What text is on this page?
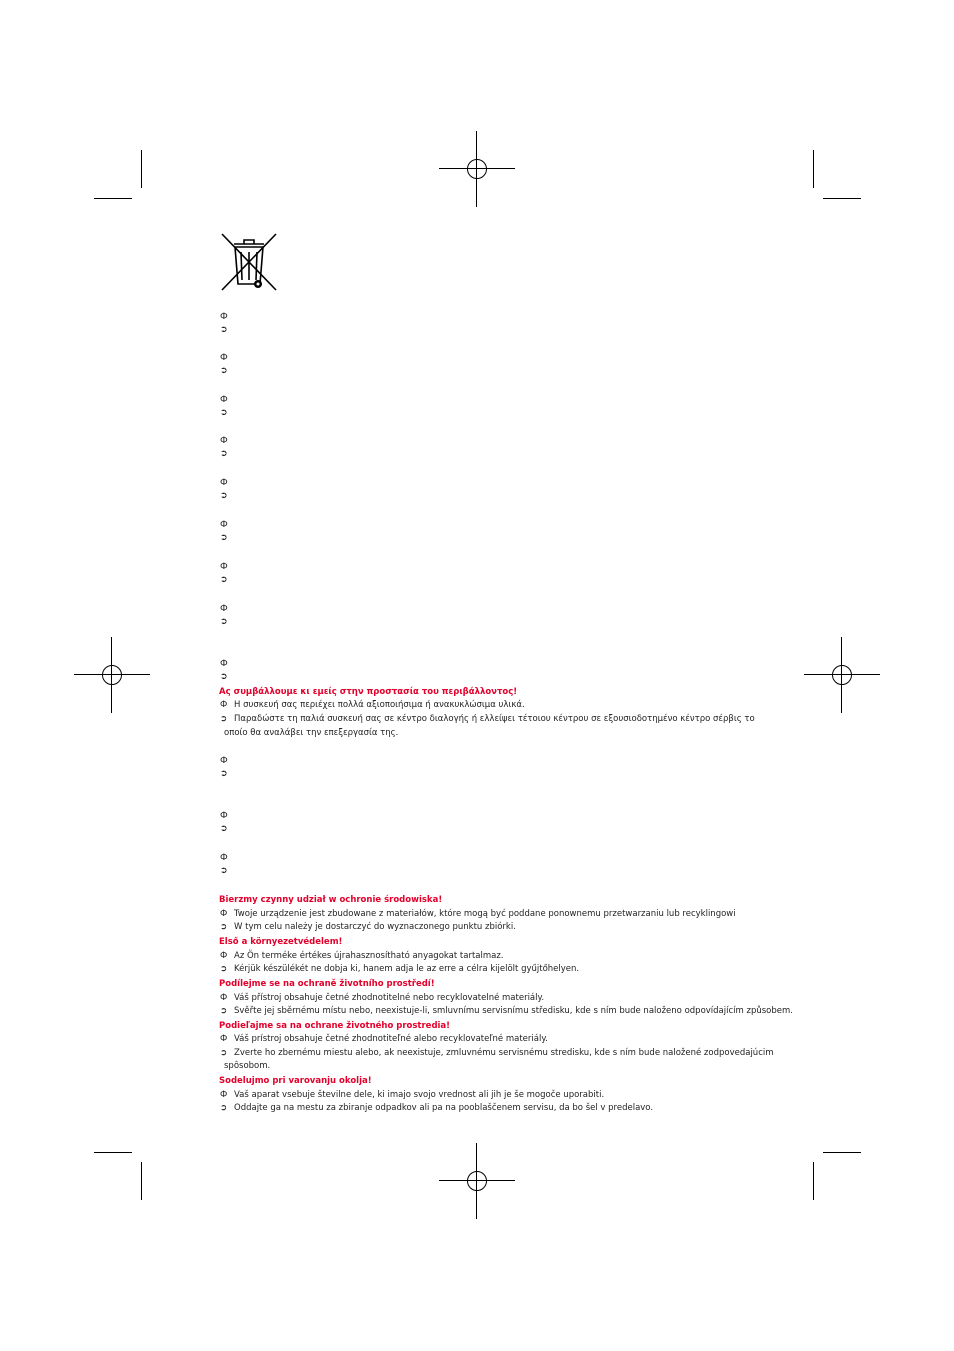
Ф
➲
Ф
➲
Ф
➲
Ф
➲
Ф
➲
Ф
➲
Ф
➲
Ф
➲
Ф
➲
Ф
➲
Ф
➲
Ф
➲
Ας συμβάλλουμε κι εμείς στην προστασία του περιβάλλοντος!
Ф Η συσκευή σας περιέχει πολλά αξιοποιήσιμα ή ανακυκλώσιμα υλικά.
➲ Παραδώστε τη παλιά συσκευή σας σε κέντρο διαλογής ή ελλείψει τέτοιου κέντρου σε εξουσιοδοτημένο κέντρο σέρβις το
οποίο θα αναλάβει την επεξεργασία της.
Bierzmy czynny udział w ochronie środowiska!
Ф Twoje urządzenie jest zbudowane z materiałów, które mogą być poddane ponownemu przetwarzaniu lub recyklingowi
➲ W tym celu należy je dostarczyć do wyznaczonego punktu zbiórki.
Első a környezetvédelem!
Ф Az Ön terméke értékes újrahasznosítható anyagokat tartalmaz.
➲ Kérjük készülékét ne dobja ki, hanem adja le az erre a célra kijelölt gyűjtőhelyen.
Podílejme se na ochraně životního prostředí!
Ф Váš přístroj obsahuje četné zhodnotitelné nebo recyklovatelné materiály.
➲ Svěřte jej sběrnému místu nebo, neexistuje-li, smluvnímu servisnímu středisku, kde s ním bude naloženo odpovídajícím způsobem.
Podieľajme sa na ochrane životného prostredia!
Ф Váš prístroj obsahuje četné zhodnotiteľné alebo recyklovateľné materiály.
➲ Zverte ho zbernému miestu alebo, ak neexistuje, zmluvnému servisnému stredisku, kde s ním bude naložené zodpovedajúcim
spôsobom.
Sodelujmo pri varovanju okolja!
Ф Vaš aparat vsebuje številne dele, ki imajo svojo vrednost ali jih je še mogoče uporabiti.
➲ Oddajte ga na mestu za zbiranje odpadkov ali pa na pooblaščenem servisu, da bo šel v predelavo.
